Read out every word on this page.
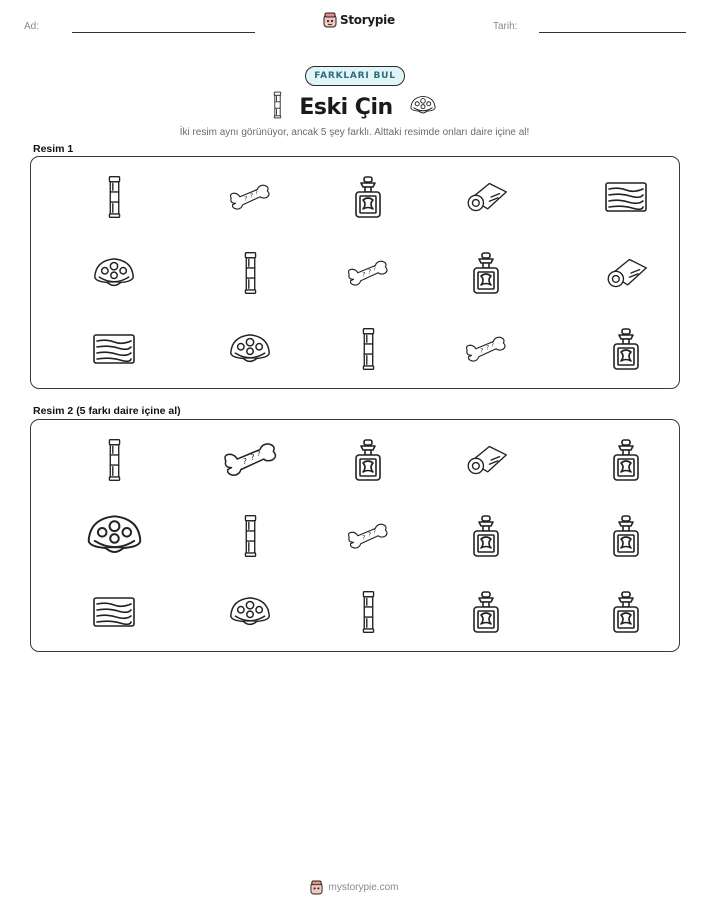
Ad:	Storypie	Tarih:
FARKLARI BUL
Eski Çin
İki resim aynı görünüyor, ancak 5 şey farklı. Alttaki resimde onları daire içine al!
Resim 1
? ? ?
? ? ?
? ? ?
Resim 2 (5 farkı daire içine al)
? ? ?
? ? ?
mystorypie.com
